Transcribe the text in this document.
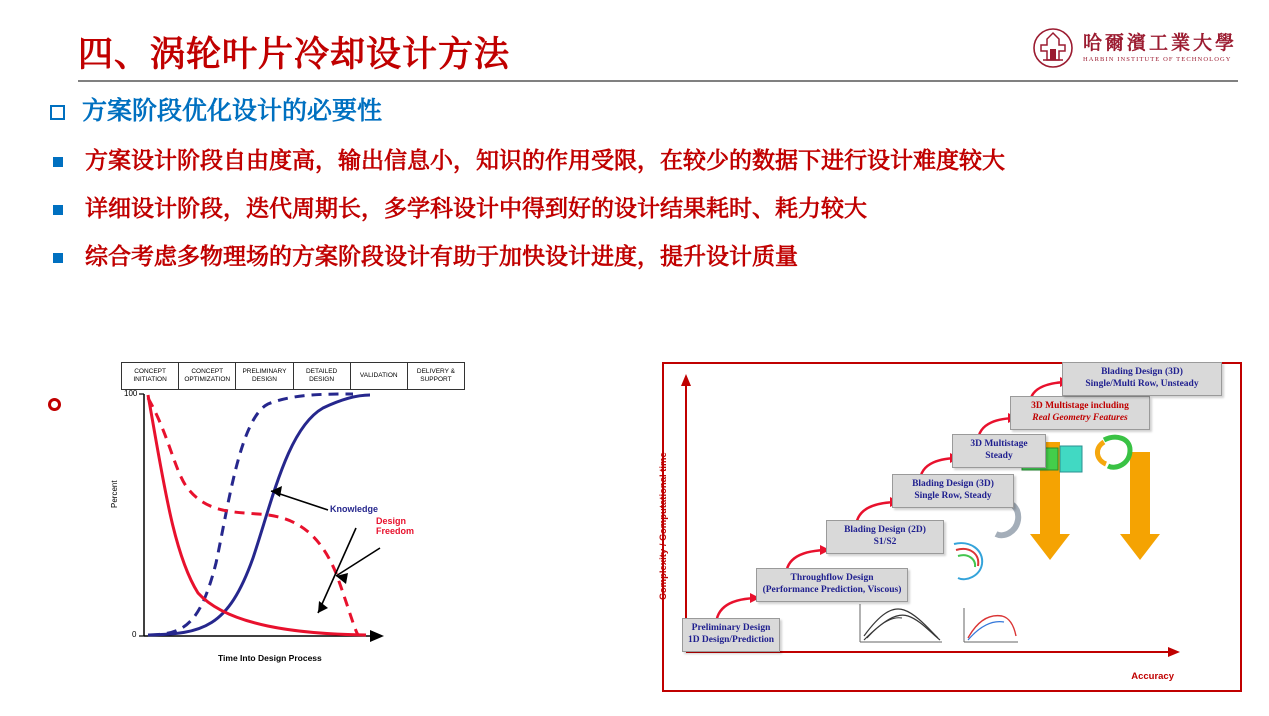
四、涡轮叶片冷却设计方法	哈爾濱工業大學
HARBIN INSTITUTE OF TECHNOLOGY
方案阶段优化设计的必要性
方案设计阶段自由度高，输出信息小，知识的作用受限，在较少的数据下进行设计难度较大
详细设计阶段，迭代周期长，多学科设计中得到好的设计结果耗时、耗力较大
综合考虑多物理场的方案阶段设计有助于加快设计进度，提升设计质量
CONCEPT INITIATION
CONCEPT OPTIMIZATION
PRELIMINARY DESIGN
DETAILED DESIGN
VALIDATION
DELIVERY & SUPPORT
100
0
Percent
Time Into Design Process
Knowledge
Design
Freedom	Complexity / Computational time
Accuracy
Preliminary Design
1D Design/Prediction
Throughflow Design
(Performance Prediction, Viscous)
Blading Design (2D)
S1/S2
Blading Design (3D)
Single Row, Steady
3D Multistage
Steady
3D Multistage including
Real Geometry Features
Blading Design (3D)
Single/Multi Row, Unsteady
